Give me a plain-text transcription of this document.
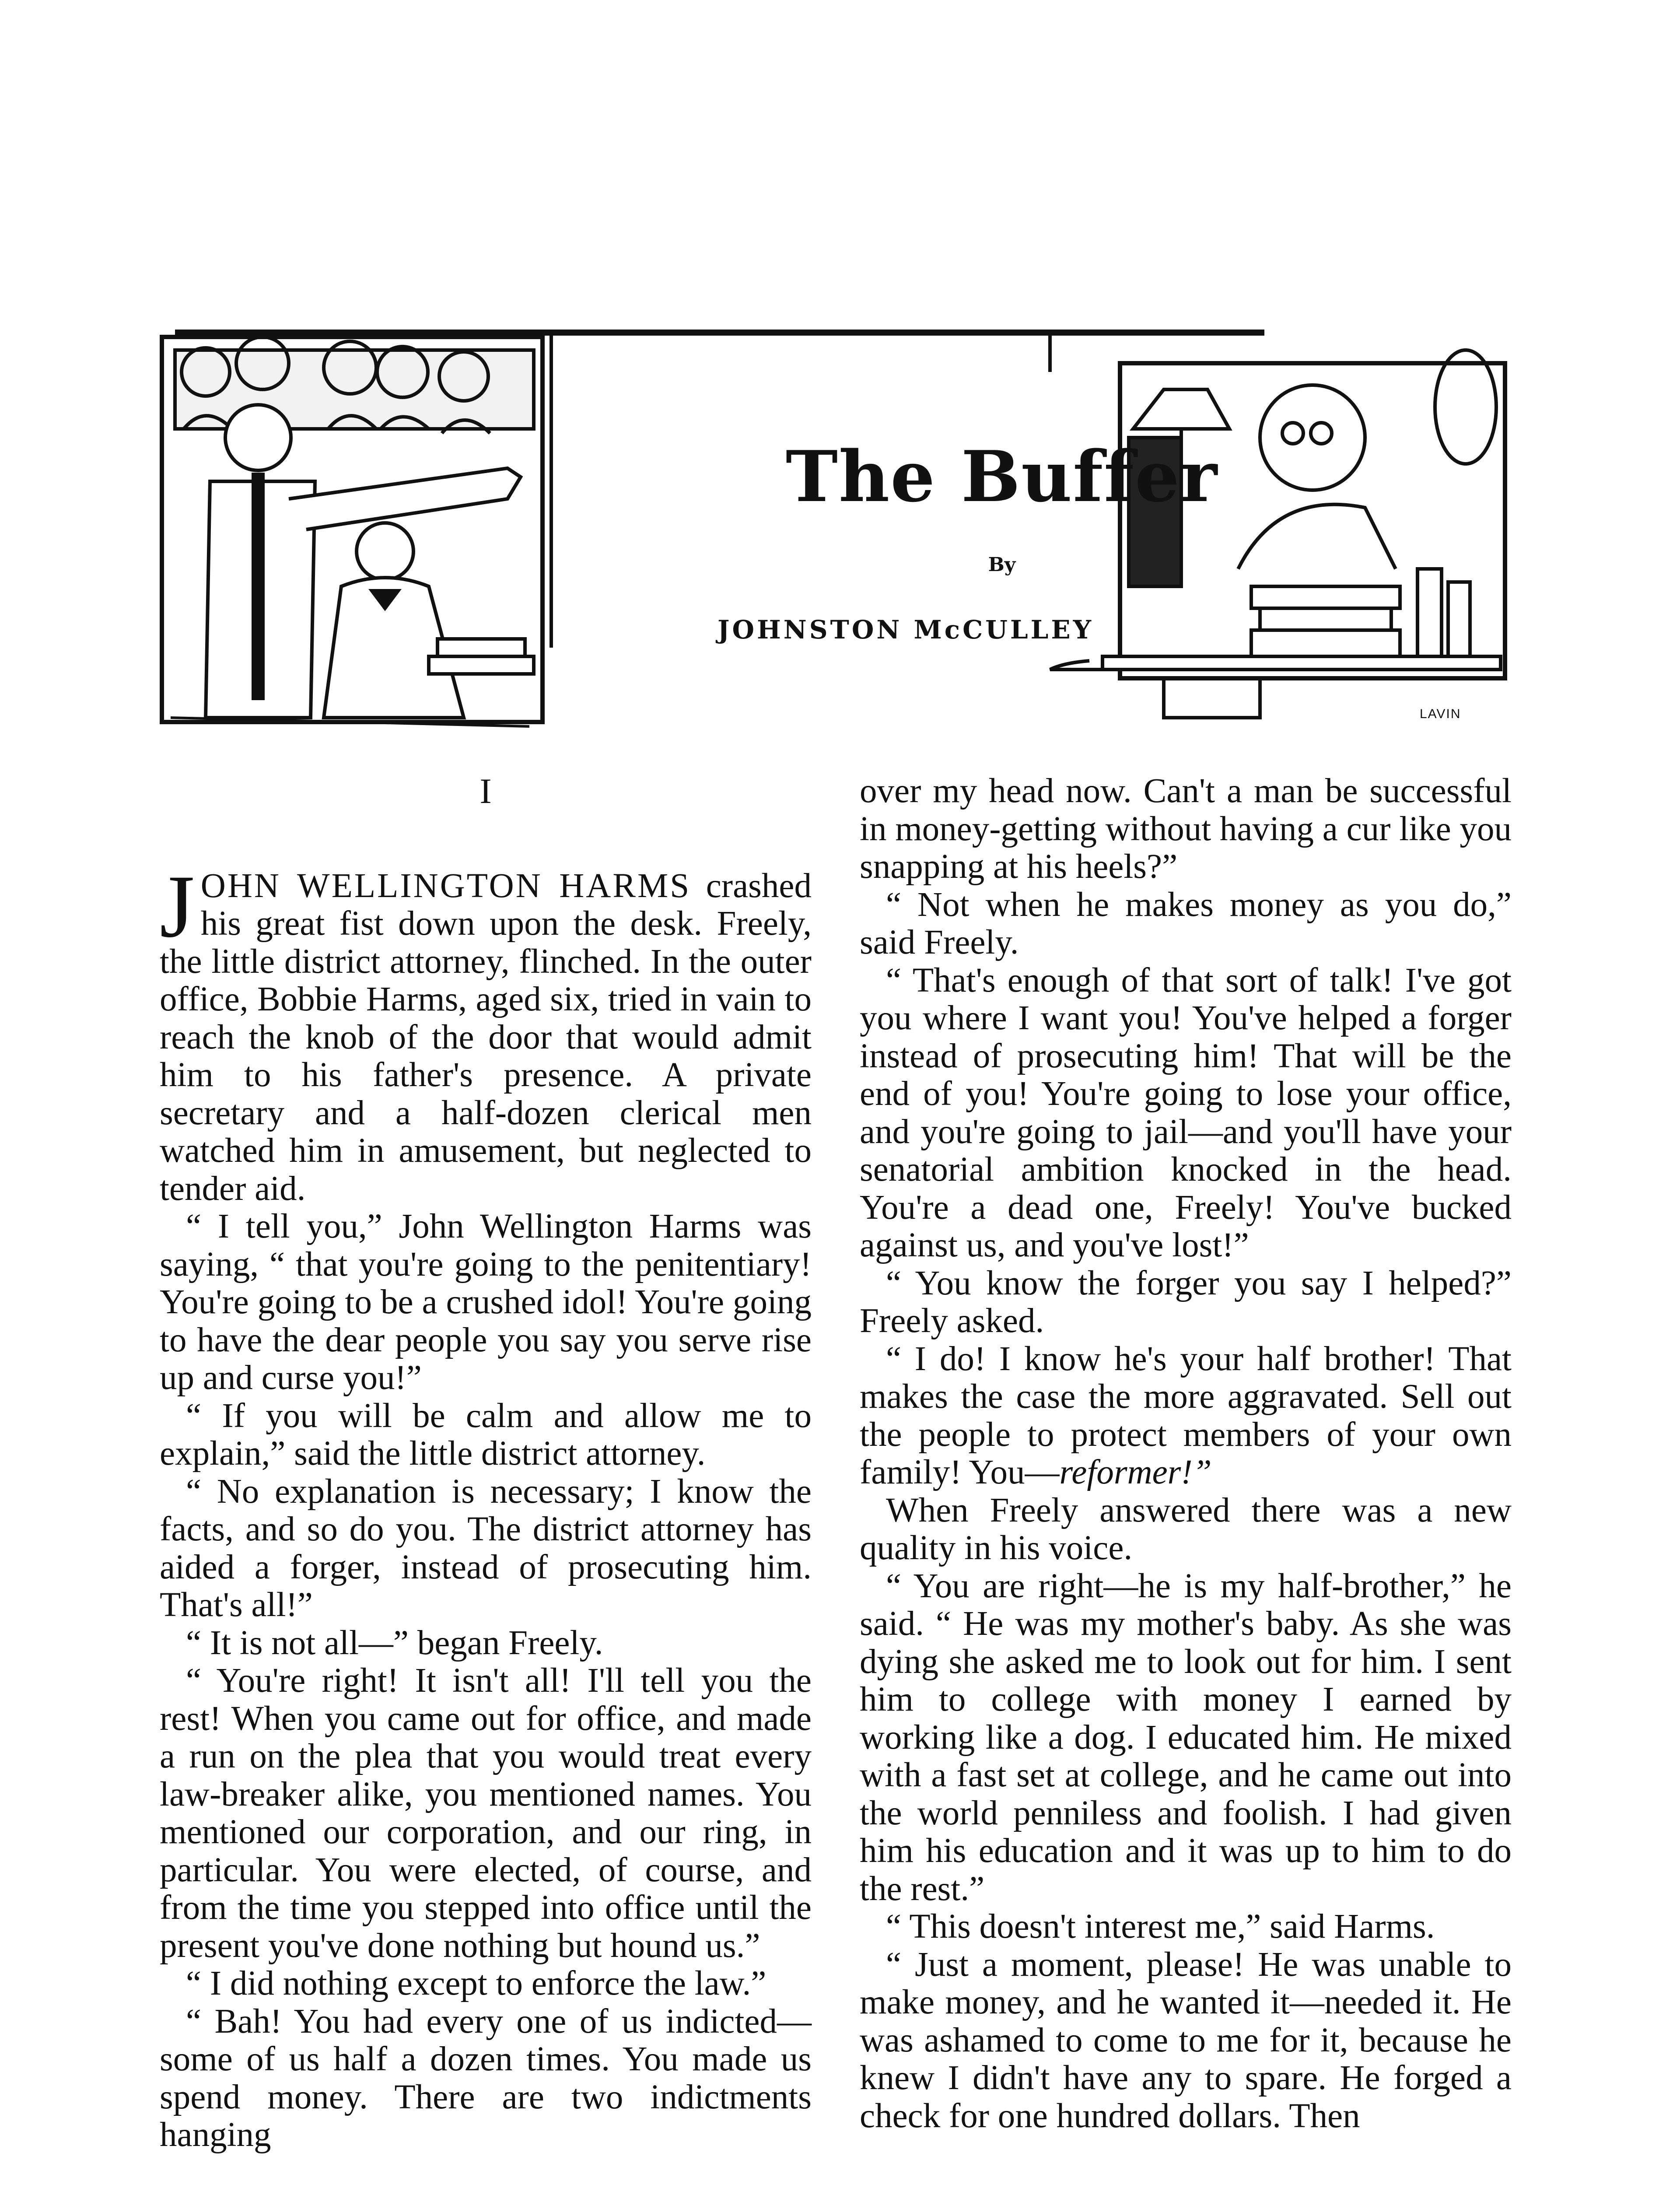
The Buffer
By
JOHNSTON McCULLEY
LAVIN

I

JOHN WELLINGTON HARMS crashed his great fist down upon the desk. Freely, the little district attorney, flinched. In the outer office, Bobbie Harms, aged six, tried in vain to reach the knob of the door that would admit him to his father's presence. A private secretary and a half-dozen clerical men watched him in amusement, but neglected to tender aid.

“ I tell you,” John Wellington Harms was saying, “ that you're going to the penitentiary! You're going to be a crushed idol! You're going to have the dear people you say you serve rise up and curse you!”

“ If you will be calm and allow me to explain,” said the little district attorney.

“ No explanation is necessary; I know the facts, and so do you. The district attorney has aided a forger, instead of prosecuting him. That's all!”

“ It is not all—” began Freely.

“ You're right! It isn't all! I'll tell you the rest! When you came out for office, and made a run on the plea that you would treat every law-breaker alike, you mentioned names. You mentioned our corporation, and our ring, in particular. You were elected, of course, and from the time you stepped into office until the present you've done nothing but hound us.”

“ I did nothing except to enforce the law.”

“ Bah! You had every one of us indicted—some of us half a dozen times. You made us spend money. There are two indictments hanging

over my head now. Can't a man be successful in money-getting without having a cur like you snapping at his heels?”

“ Not when he makes money as you do,” said Freely.

“ That's enough of that sort of talk! I've got you where I want you! You've helped a forger instead of prosecuting him! That will be the end of you! You're going to lose your office, and you're going to jail—and you'll have your senatorial ambition knocked in the head. You're a dead one, Freely! You've bucked against us, and you've lost!”

“ You know the forger you say I helped?” Freely asked.

“ I do! I know he's your half brother! That makes the case the more aggravated. Sell out the people to protect members of your own family! You—reformer!”

When Freely answered there was a new quality in his voice.

“ You are right—he is my half-brother,” he said. “ He was my mother's baby. As she was dying she asked me to look out for him. I sent him to college with money I earned by working like a dog. I educated him. He mixed with a fast set at college, and he came out into the world penniless and foolish. I had given him his education and it was up to him to do the rest.”

“ This doesn't interest me,” said Harms.

“ Just a moment, please! He was unable to make money, and he wanted it—needed it. He was ashamed to come to me for it, because he knew I didn't have any to spare. He forged a check for one hundred dollars. Then
